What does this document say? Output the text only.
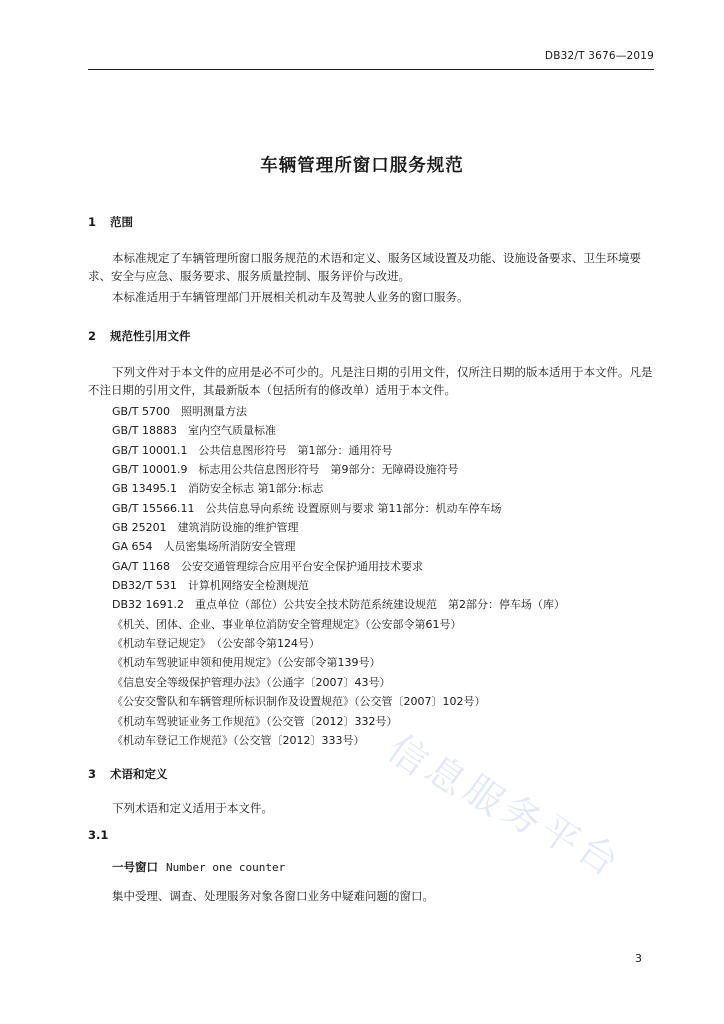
DB32/T 3676—2019
车辆管理所窗口服务规范
1 范围

本标准规定了车辆管理所窗口服务规范的术语和定义、服务区域设置及功能、设施设备要求、卫生环境要求、安全与应急、服务要求、服务质量控制、服务评价与改进。

本标准适用于车辆管理部门开展相关机动车及驾驶人业务的窗口服务。

2 规范性引用文件

下列文件对于本文件的应用是必不可少的。凡是注日期的引用文件，仅所注日期的版本适用于本文件。凡是不注日期的引用文件，其最新版本（包括所有的修改单）适用于本文件。

GB/T 5700　照明测量方法
GB/T 18883　室内空气质量标准
GB/T 10001.1　公共信息图形符号　第1部分：通用符号
GB/T 10001.9　标志用公共信息图形符号　第9部分：无障碍设施符号
GB 13495.1　消防安全标志 第1部分:标志
GB/T 15566.11　公共信息导向系统 设置原则与要求 第11部分：机动车停车场
GB 25201　建筑消防设施的维护管理
GA 654　人员密集场所消防安全管理
GA/T 1168　公安交通管理综合应用平台安全保护通用技术要求
DB32/T 531　计算机网络安全检测规范
DB32 1691.2　重点单位（部位）公共安全技术防范系统建设规范　第2部分：停车场（库）
《机关、团体、企业、事业单位消防安全管理规定》（公安部令第61号）
《机动车登记规定》　（公安部令第124号）
《机动车驾驶证申领和使用规定》（公安部令第139号）
《信息安全等级保护管理办法》（公通字〔2007〕43号）
《公安交警队和车辆管理所标识制作及设置规范》（公交管〔2007〕102号）
《机动车驾驶证业务工作规范》（公交管〔2012〕332号）
《机动车登记工作规范》（公交管〔2012〕333号）
3 术语和定义

下列术语和定义适用于本文件。

3.1
一号窗口 Number one counter

集中受理、调查、处理服务对象各窗口业务中疑难问题的窗口。

3
信
息
服
务
平
台
